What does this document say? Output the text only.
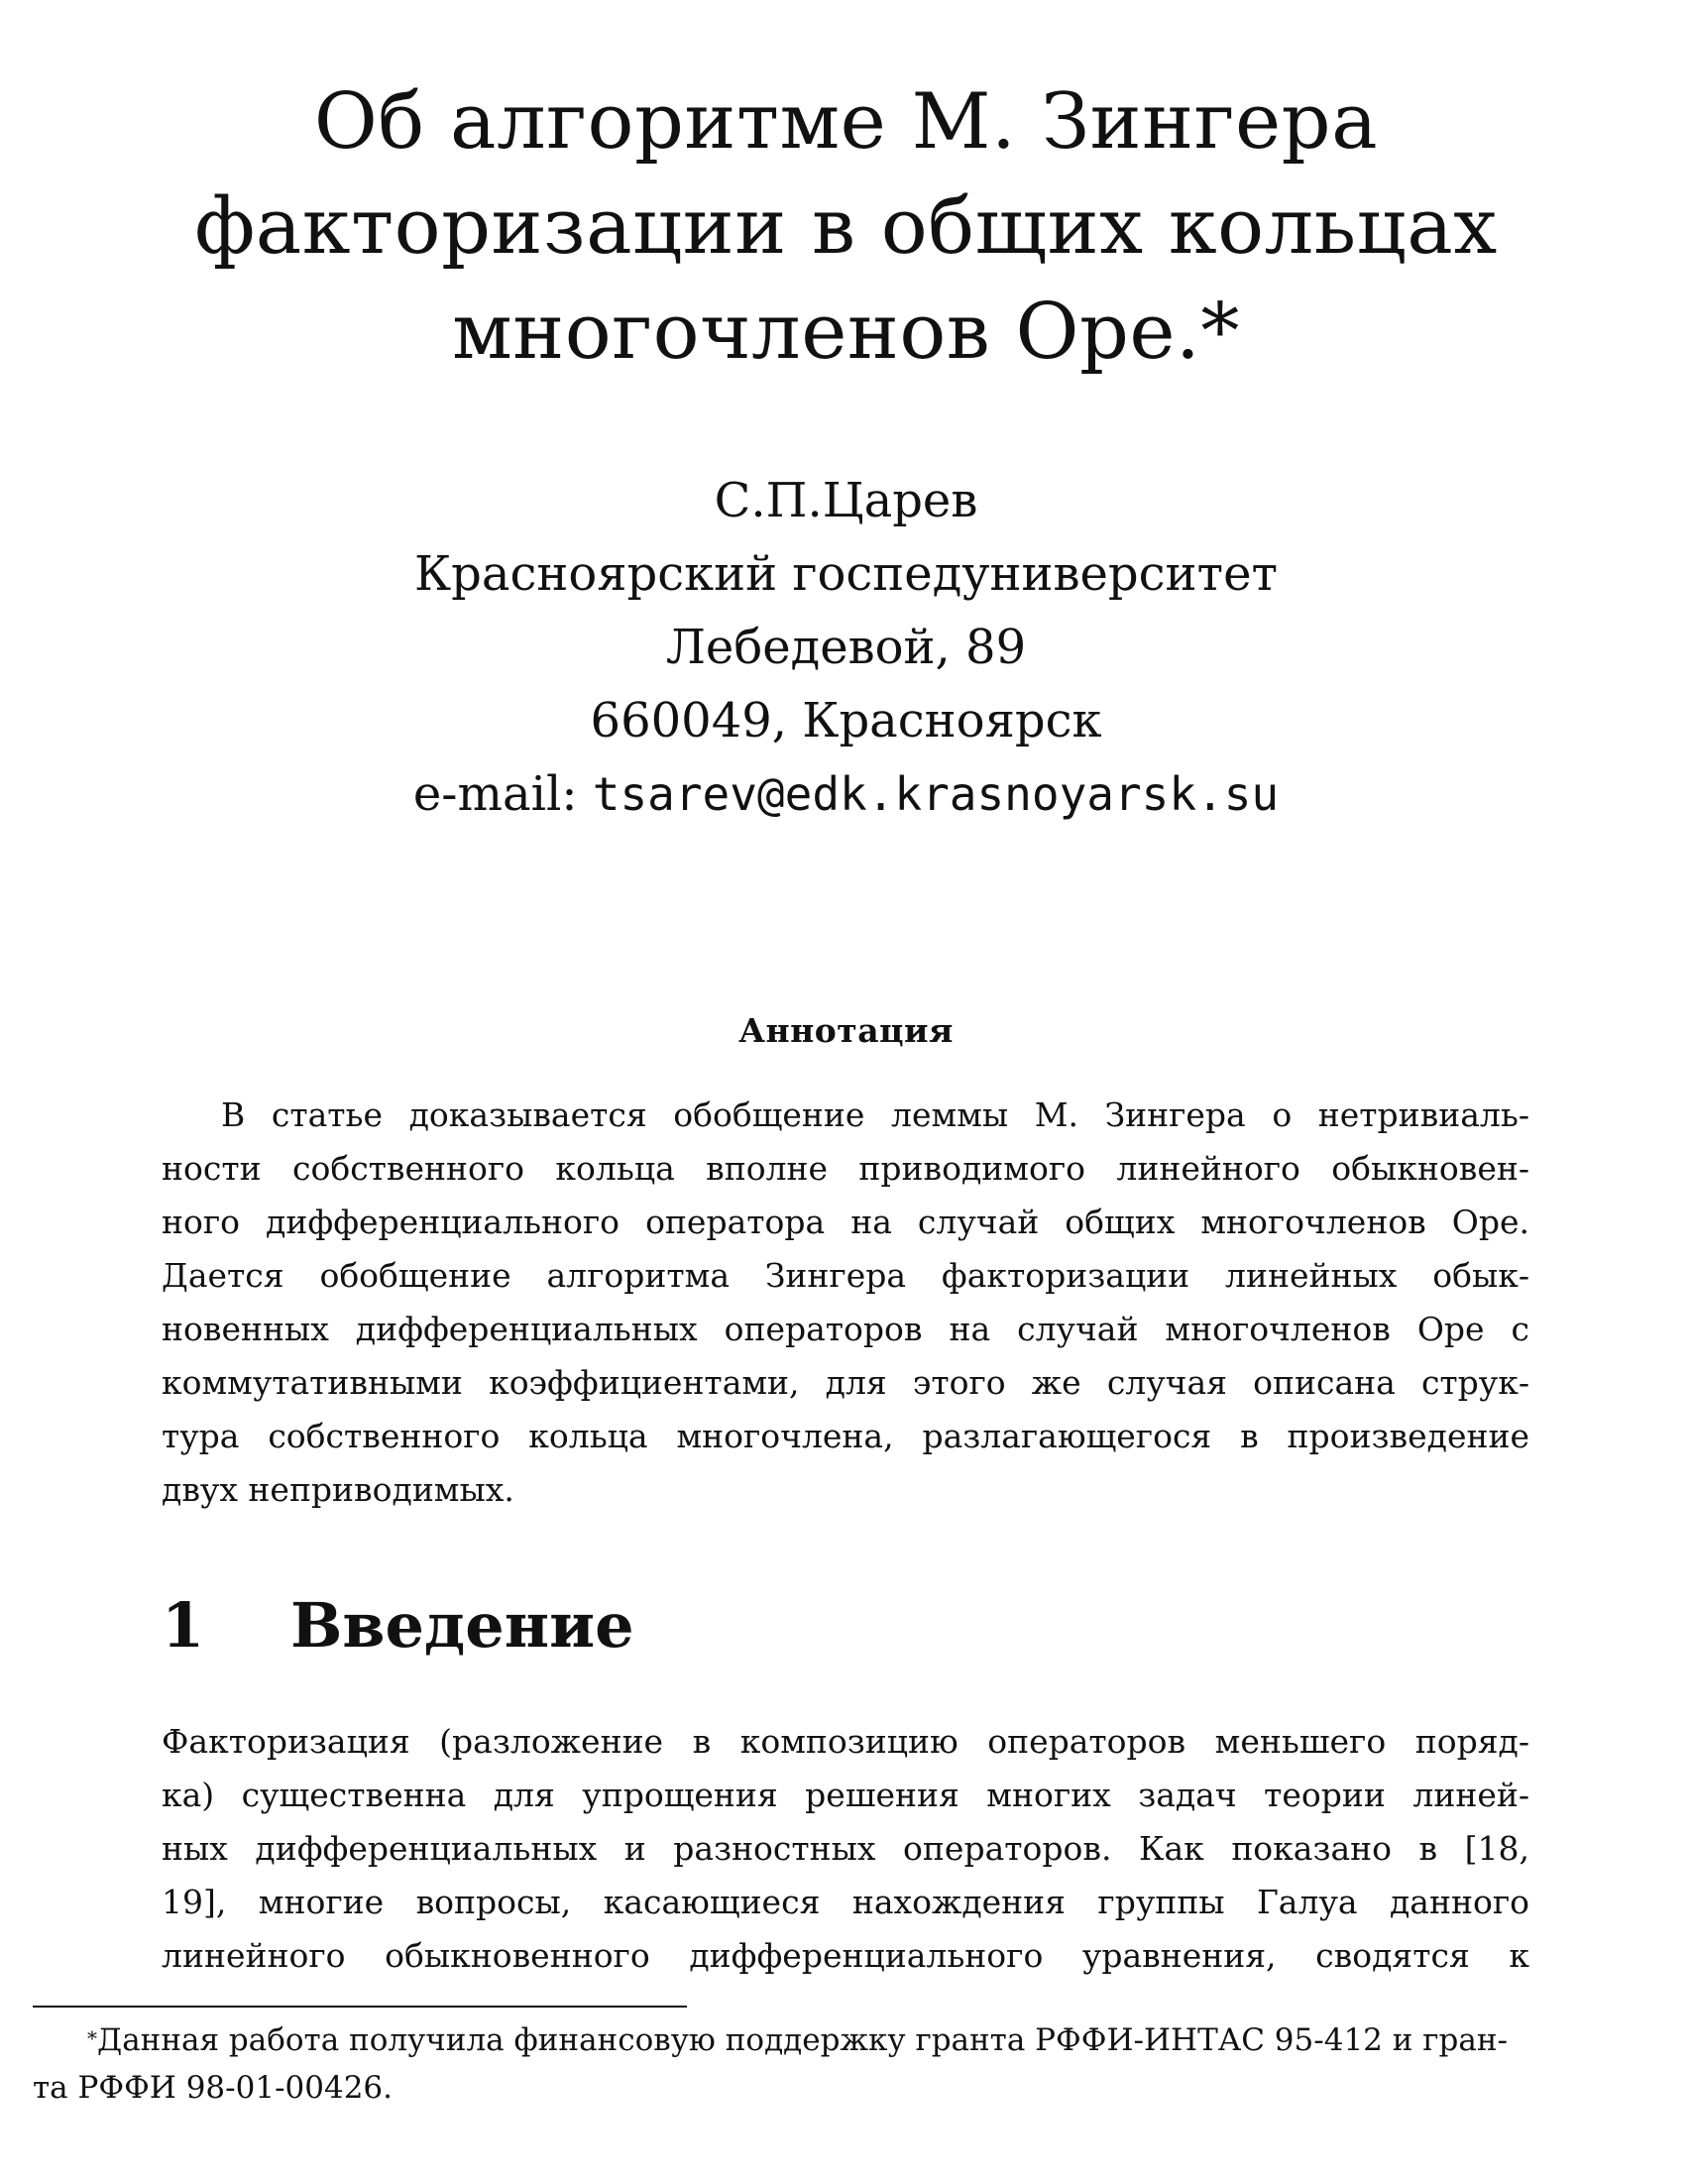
Об алгоритме М. Зингера
факторизации в общих кольцах
многочленов Оре.*
С.П.Царев
Красноярский госпедуниверситет
Лебедевой, 89
660049, Красноярск
e-mail: tsarev@edk.krasnoyarsk.su
Аннотация
В статье доказывается обобщение леммы М. Зингера о нетривиаль-
ности собственного кольца вполне приводимого линейного обыкновен-
ного дифференциального оператора на случай общих многочленов Оре.
Дается обобщение алгоритма Зингера факторизации линейных обык-
новенных дифференциальных операторов на случай многочленов Оре с
коммутативными коэффициентами, для этого же случая описана струк-
тура собственного кольца многочлена, разлагающегося в произведение
двух неприводимых.
1 Введение
Факторизация (разложение в композицию операторов меньшего поряд-
ка) существенна для упрощения решения многих задач теории линей-
ных дифференциальных и разностных операторов. Как показано в [18,
19], многие вопросы, касающиеся нахождения группы Галуа данного
линейного обыкновенного дифференциального уравнения, сводятся к
*Данная работа получила финансовую поддержку гранта РФФИ-ИНТАС 95-412 и гран-
та РФФИ 98-01-00426.
